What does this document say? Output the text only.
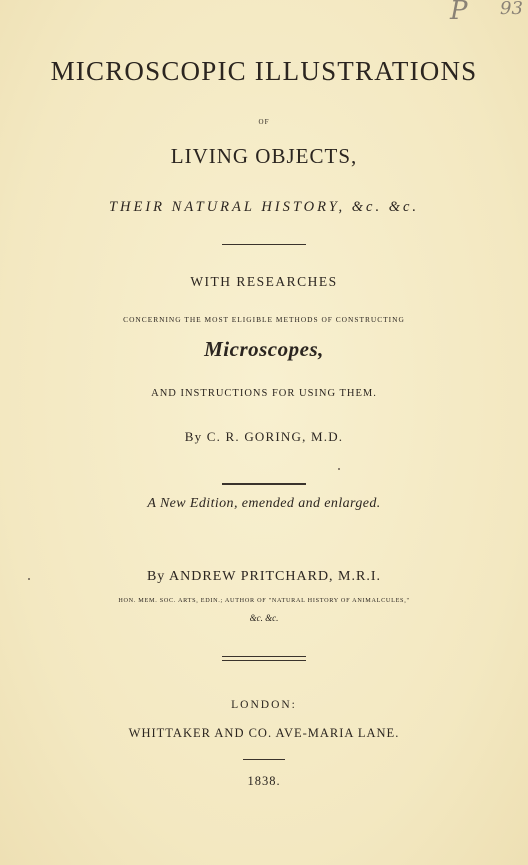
P 93
MICROSCOPIC ILLUSTRATIONS
OF
LIVING OBJECTS,
THEIR NATURAL HISTORY, &c. &c.
WITH RESEARCHES
CONCERNING THE MOST ELIGIBLE METHODS OF CONSTRUCTING
Microscopes,
AND INSTRUCTIONS FOR USING THEM.
By C. R. GORING, M.D.
A New Edition, emended and enlarged.
By ANDREW PRITCHARD, M.R.I.
HON. MEM. SOC. ARTS, EDIN.; AUTHOR OF "NATURAL HISTORY OF ANIMALCULES,"
&c. &c.
LONDON:
WHITTAKER AND CO. AVE-MARIA LANE.
1838.
